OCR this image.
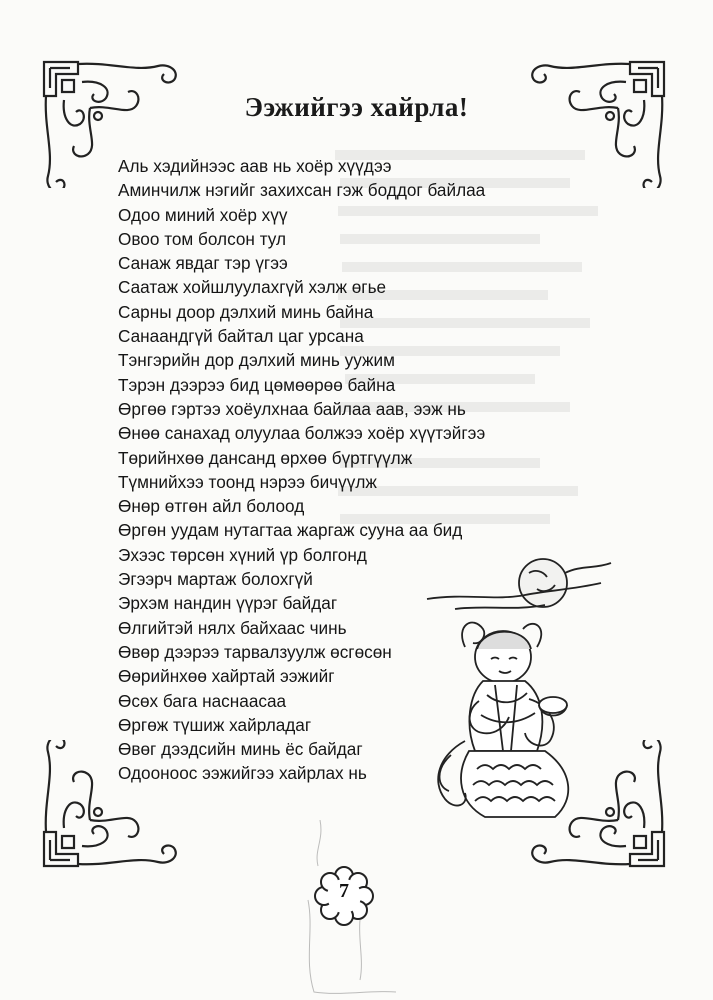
Ээжийгээ хайрла!
Аль хэдийнээс аав нь хоёр хүүдээ
Аминчилж нэгийг захихсан гэж боддог байлаа
Одоо миний хоёр хүү
Овоо том болсон тул
Санаж явдаг тэр үгээ
Саатаж хойшлуулахгүй хэлж өгье
Сарны доор дэлхий минь байна
Санаандгүй байтал цаг урсана
Тэнгэрийн дор дэлхий минь уужим
Тэрэн дээрээ бид цөмөөрөө байна
Өргөө гэртээ хоёулхнаа байлаа аав, ээж нь
Өнөө санахад олуулаа болжээ хоёр хүүтэйгээ
Төрийнхөө дансанд өрхөө бүртгүүлж
Түмнийхээ тоонд нэрээ бичүүлж
Өнөр өтгөн айл болоод
Өргөн уудам нутагтаа жаргаж суунa аа бид
Эхээс төрсөн хүний үр болгонд
Эгээрч мартаж болохгүй
Эрхэм нандин үүрэг байдаг
Өлгийтэй нялх байхаас чинь
Өвөр дээрээ тарвалзуулж өсгөсөн
Өөрийнхөө хайртай ээжийг
Өсөх бага наснаасаа
Өргөж түшиж хайрладаг
Өвөг дээдсийн минь ёс байдаг
Одооноос ээжийгээ хайрлах нь
7
